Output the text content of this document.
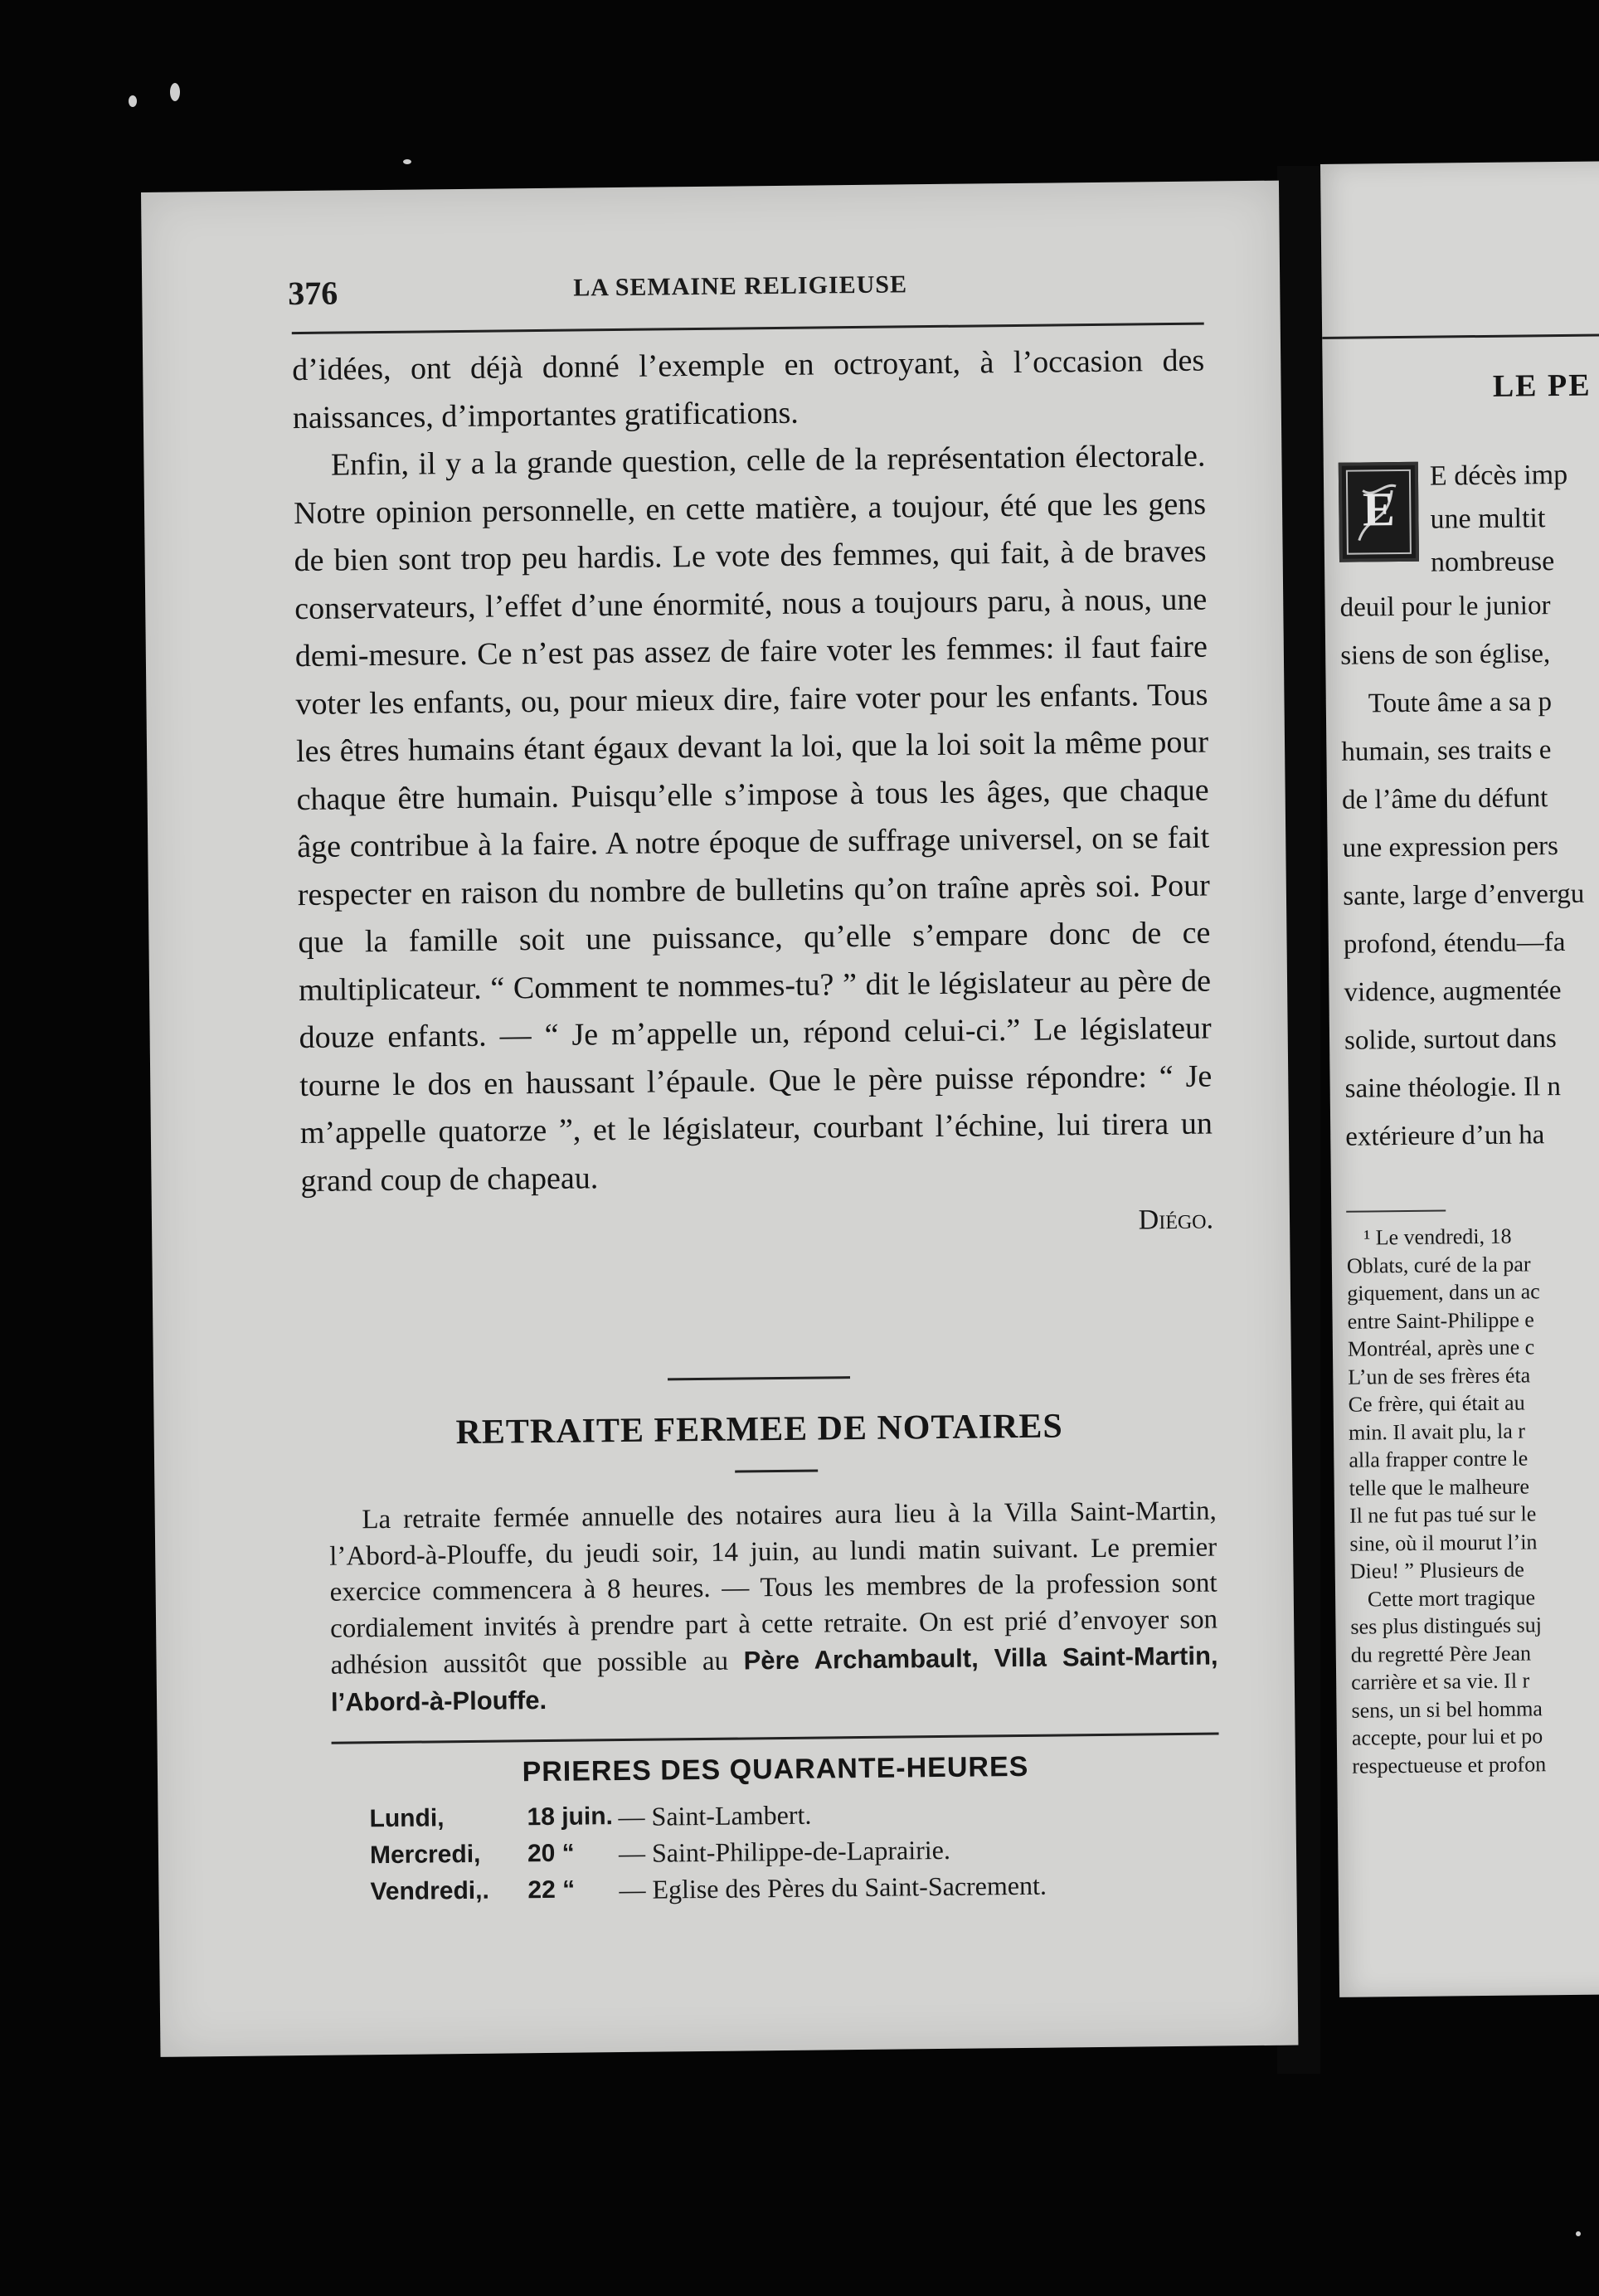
376	LA SEMAINE RELIGIEUSE

d’idées, ont déjà donné l’exemple en octroyant, à l’occasion des naissances, d’importantes gratifications.

Enfin, il y a la grande question, celle de la représentation électorale. Notre opinion personnelle, en cette matière, a toujour, été que les gens de bien sont trop peu hardis. Le vote des femmes, qui fait, à de braves conservateurs, l’effet d’une énormité, nous a toujours paru, à nous, une demi-mesure. Ce n’est pas assez de faire voter les femmes: il faut faire voter les enfants, ou, pour mieux dire, faire voter pour les enfants. Tous les êtres humains étant égaux devant la loi, que la loi soit la même pour chaque être humain. Puisqu’elle s’impose à tous les âges, que chaque âge contribue à la faire. A notre époque de suffrage universel, on se fait respecter en raison du nombre de bulletins qu’on traîne après soi. Pour que la famille soit une puissance, qu’elle s’empare donc de ce multiplicateur. “ Comment te nommes-tu? ” dit le législateur au père de douze enfants. — “ Je m’appelle un, répond celui-ci.” Le législateur tourne le dos en haussant l’épaule. Que le père puisse répondre: “ Je m’appelle quatorze ”, et le législateur, courbant l’échine, lui tirera un grand coup de chapeau.

Diégo.
RETRAITE FERMEE DE NOTAIRES
La retraite fermée annuelle des notaires aura lieu à la Villa Saint-Martin, l’Abord-à-Plouffe, du jeudi soir, 14 juin, au lundi matin suivant. Le premier exercice commencera à 8 heures. — Tous les membres de la profession sont cordialement invités à prendre part à cette retraite. On est prié d’envoyer son adhésion aussitôt que possible au Père Archambault, Villa Saint-Martin, l’Abord-à-Plouffe.
PRIERES DES QUARANTE-HEURES
Lundi,	18 juin. — Saint-Lambert.
Mercredi,	20 “	— Saint-Philippe-de-Laprairie.
Vendredi,.	22 “	— Eglise des Pères du Saint-Sacrement.
LE PE
E
E décès imp
une multit
nombreuse
deuil pour le junior
siens de son église,
Toute âme a sa p
humain, ses traits e
de l’âme du défunt
une expression pers
sante, large d’envergu
profond, étendu—fa
vidence, augmentée
solide, surtout dans
saine théologie. Il n
extérieure d’un ha
¹ Le vendredi, 18
Oblats, curé de la par
giquement, dans un ac
entre Saint-Philippe e
Montréal, après une c
L’un de ses frères éta
Ce frère, qui était au
min. Il avait plu, la r
alla frapper contre le
telle que le malheure
Il ne fut pas tué sur le
sine, où il mourut l’in
Dieu! ” Plusieurs de
Cette mort tragique
ses plus distingués suj
du regretté Père Jean
carrière et sa vie. Il r
sens, un si bel homma
accepte, pour lui et po
respectueuse et profon
